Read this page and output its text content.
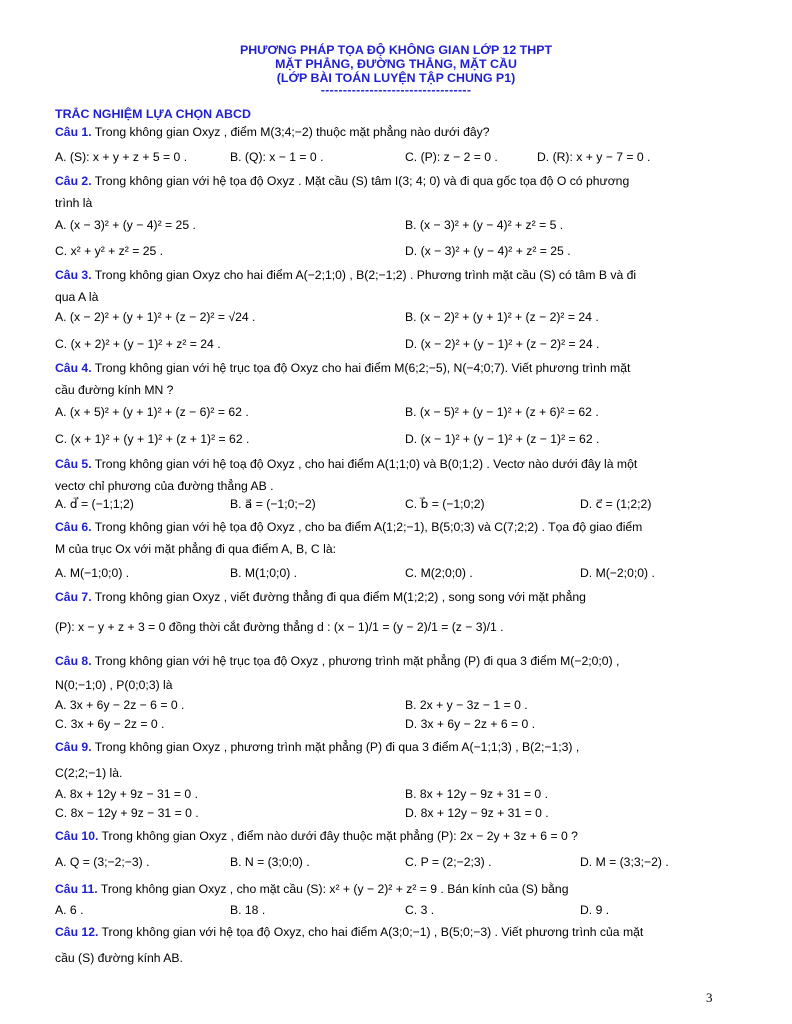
PHƯƠNG PHÁP TỌA ĐỘ KHÔNG GIAN LỚP 12 THPT
MẶT PHẲNG, ĐƯỜNG THẲNG, MẶT CẦU
(LỚP BÀI TOÁN LUYỆN TẬP CHUNG P1)
----------------------------------
TRẮC NGHIỆM LỰA CHỌN ABCD
Câu 1. Trong không gian Oxyz , điểm M(3;4;−2) thuộc mặt phẳng nào dưới đây?
A. (S): x + y + z + 5 = 0 .	B. (Q): x − 1 = 0 .	C. (P): z − 2 = 0 .	D. (R): x + y − 7 = 0 .
Câu 2. Trong không gian với hệ tọa độ Oxyz . Mặt cầu (S) tâm I(3; 4; 0) và đi qua gốc tọa độ O có phương
trình là
A. (x − 3)² + (y − 4)² = 25 .	B. (x − 3)² + (y − 4)² + z² = 5 .
C. x² + y² + z² = 25 .	D. (x − 3)² + (y − 4)² + z² = 25 .
Câu 3. Trong không gian Oxyz cho hai điểm A(−2;1;0) , B(2;−1;2) . Phương trình mặt cầu (S) có tâm B và đi
qua A là
A. (x − 2)² + (y + 1)² + (z − 2)² = √24 .	B. (x − 2)² + (y + 1)² + (z − 2)² = 24 .
C. (x + 2)² + (y − 1)² + z² = 24 .	D. (x − 2)² + (y − 1)² + (z − 2)² = 24 .
Câu 4. Trong không gian với hệ trục tọa độ Oxyz cho hai điểm M(6;2;−5), N(−4;0;7). Viết phương trình mặt
cầu đường kính MN ?
A. (x + 5)² + (y + 1)² + (z − 6)² = 62 .	B. (x − 5)² + (y − 1)² + (z + 6)² = 62 .
C. (x + 1)² + (y + 1)² + (z + 1)² = 62 .	D. (x − 1)² + (y − 1)² + (z − 1)² = 62 .
Câu 5. Trong không gian với hệ toạ độ Oxyz , cho hai điểm A(1;1;0) và B(0;1;2) . Vectơ nào dưới đây là một
vectơ chỉ phương của đường thẳng AB .
A. d⃗ = (−1;1;2)	B. a⃗ = (−1;0;−2)	C. b⃗ = (−1;0;2)	D. c⃗ = (1;2;2)
Câu 6. Trong không gian với hệ tọa độ Oxyz , cho ba điểm A(1;2;−1), B(5;0;3) và C(7;2;2) . Tọa độ giao điểm
M của trục Ox với mặt phẳng đi qua điểm A, B, C là:
A. M(−1;0;0) .	B. M(1;0;0) .	C. M(2;0;0) .	D. M(−2;0;0) .
Câu 7. Trong không gian Oxyz , viết đường thẳng đi qua điểm M(1;2;2) , song song với mặt phẳng
(P): x − y + z + 3 = 0 đồng thời cắt đường thẳng d : (x − 1)/1 = (y − 2)/1 = (z − 3)/1 .
Câu 8. Trong không gian với hệ trục tọa độ Oxyz , phương trình mặt phẳng (P) đi qua 3 điểm M(−2;0;0) ,
N(0;−1;0) , P(0;0;3) là
A. 3x + 6y − 2z − 6 = 0 .	B. 2x + y − 3z − 1 = 0 .
C. 3x + 6y − 2z = 0 .	D. 3x + 6y − 2z + 6 = 0 .
Câu 9. Trong không gian Oxyz , phương trình mặt phẳng (P) đi qua 3 điểm A(−1;1;3) , B(2;−1;3) ,
C(2;2;−1) là.
A. 8x + 12y + 9z − 31 = 0 .	B. 8x + 12y − 9z + 31 = 0 .
C. 8x − 12y + 9z − 31 = 0 .	D. 8x + 12y − 9z + 31 = 0 .
Câu 10. Trong không gian Oxyz , điểm nào dưới đây thuộc mặt phẳng (P): 2x − 2y + 3z + 6 = 0 ?
A. Q = (3;−2;−3) .	B. N = (3;0;0) .	C. P = (2;−2;3) .	D. M = (3;3;−2) .
Câu 11. Trong không gian Oxyz , cho mặt cầu (S): x² + (y − 2)² + z² = 9 . Bán kính của (S) bằng
A. 6 .	B. 18 .	C. 3 .	D. 9 .
Câu 12. Trong không gian với hệ tọa độ Oxyz, cho hai điểm A(3;0;−1) , B(5;0;−3) . Viết phương trình của mặt
cầu (S) đường kính AB.
3
